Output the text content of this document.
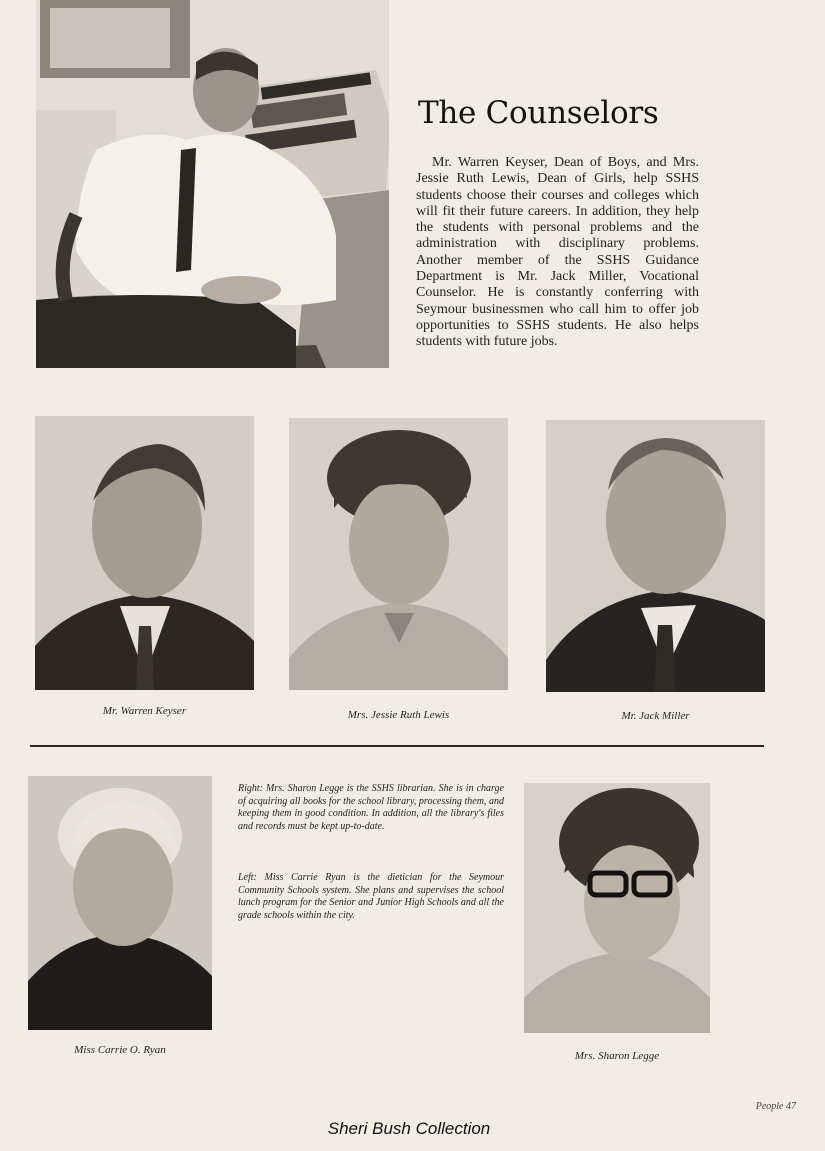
The Counselors

Mr. Warren Keyser, Dean of Boys, and Mrs. Jessie Ruth Lewis, Dean of Girls, help SSHS students choose their courses and colleges which will fit their future careers. In addition, they help the students with personal problems and the administration with disciplinary problems. Another member of the SSHS Guidance Department is Mr. Jack Miller, Vocational Counselor. He is constantly conferring with Seymour businessmen who call him to offer job opportunities to SSHS students. He also helps students with future jobs.

Mr. Warren Keyser	Mrs. Jessie Ruth Lewis	Mr. Jack Miller
Miss Carrie O. Ryan

Right: Mrs. Sharon Legge is the SSHS librarian. She is in charge of acquiring all books for the school library, processing them, and keeping them in good condition. In addition, all the library's files and records must be kept up-to-date.

Left: Miss Carrie Ryan is the dietician for the Seymour Community Schools system. She plans and supervises the school lunch program for the Senior and Junior High Schools and all the grade schools within the city.

Mrs. Sharon Legge
People 47
Sheri Bush Collection
